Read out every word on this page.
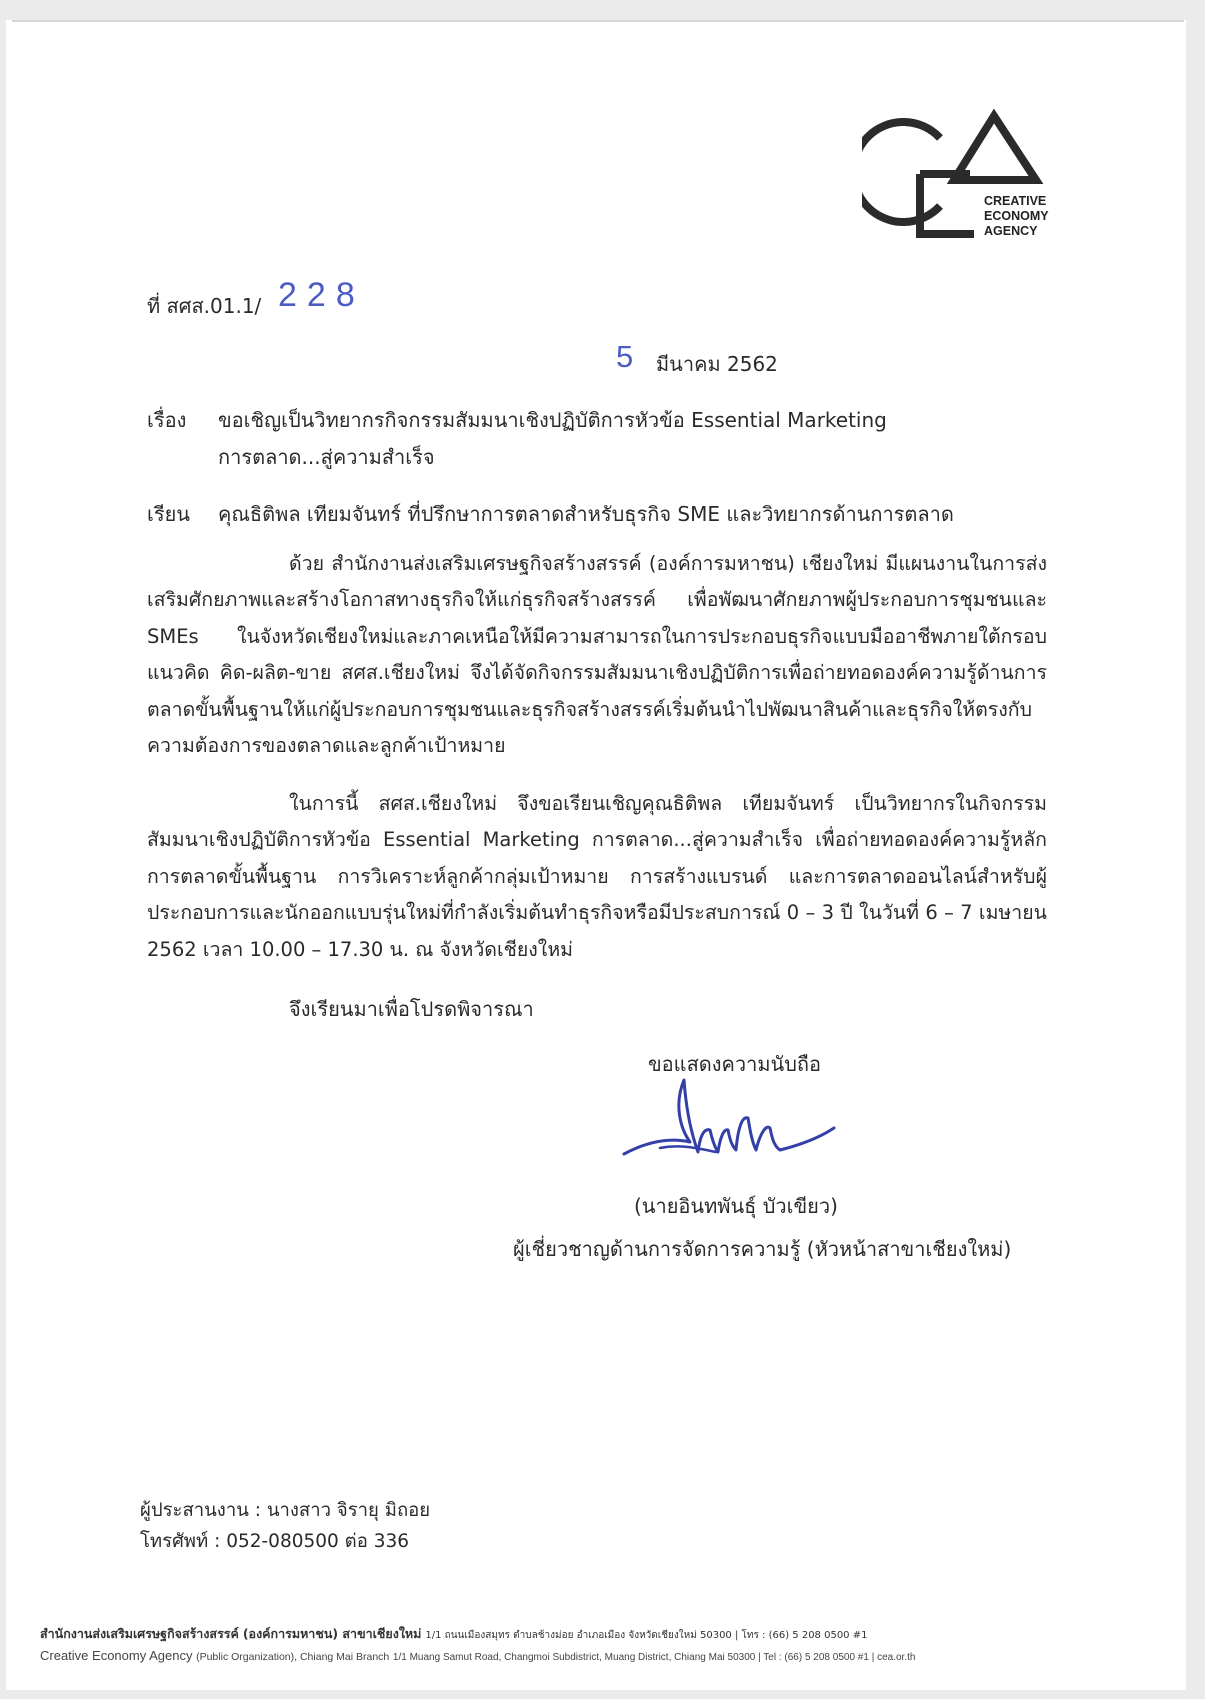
CREATIVE
ECONOMY
AGENCY
ที่ สศส.01.1/ 228
5 มีนาคม 2562
เรื่อง ขอเชิญเป็นวิทยากรกิจกรรมสัมมนาเชิงปฏิบัติการหัวข้อ Essential Marketing
การตลาด...สู่ความสำเร็จ
เรียน คุณธิติพล เทียมจันทร์ ที่ปรึกษาการตลาดสำหรับธุรกิจ SME และวิทยากรด้านการตลาด
ด้วย สำนักงานส่งเสริมเศรษฐกิจสร้างสรรค์ (องค์การมหาชน) เชียงใหม่ มีแผนงานในการส่งเสริมศักยภาพและสร้างโอกาสทางธุรกิจให้แก่ธุรกิจสร้างสรรค์ เพื่อพัฒนาศักยภาพผู้ประกอบการชุมชนและ SMEs ในจังหวัดเชียงใหม่และภาคเหนือให้มีความสามารถในการประกอบธุรกิจแบบมืออาชีพภายใต้กรอบแนวคิด คิด-ผลิต-ขาย สศส.เชียงใหม่ จึงได้จัดกิจกรรมสัมมนาเชิงปฏิบัติการเพื่อถ่ายทอดองค์ความรู้ด้านการตลาดขั้นพื้นฐานให้แก่ผู้ประกอบการชุมชนและธุรกิจสร้างสรรค์เริ่มต้นนำไปพัฒนาสินค้าและธุรกิจให้ตรงกับความต้องการของตลาดและลูกค้าเป้าหมาย
ในการนี้ สศส.เชียงใหม่ จึงขอเรียนเชิญคุณธิติพล เทียมจันทร์ เป็นวิทยากรในกิจกรรมสัมมนาเชิงปฏิบัติการหัวข้อ Essential Marketing การตลาด...สู่ความสำเร็จ เพื่อถ่ายทอดองค์ความรู้หลักการตลาดขั้นพื้นฐาน การวิเคราะห์ลูกค้ากลุ่มเป้าหมาย การสร้างแบรนด์ และการตลาดออนไลน์สำหรับผู้ประกอบการและนักออกแบบรุ่นใหม่ที่กำลังเริ่มต้นทำธุรกิจหรือมีประสบการณ์ 0 – 3 ปี ในวันที่ 6 – 7 เมษายน 2562 เวลา 10.00 – 17.30 น. ณ จังหวัดเชียงใหม่
จึงเรียนมาเพื่อโปรดพิจารณา
ขอแสดงความนับถือ
(นายอินทพันธุ์ บัวเขียว)
ผู้เชี่ยวชาญด้านการจัดการความรู้ (หัวหน้าสาขาเชียงใหม่)
ผู้ประสานงาน : นางสาว จิรายุ มิถอย
โทรศัพท์ : 052-080500 ต่อ 336
สำนักงานส่งเสริมเศรษฐกิจสร้างสรรค์ (องค์การมหาชน) สาขาเชียงใหม่ 1/1 ถนนเมืองสมุทร ตำบลช้างม่อย อำเภอเมือง จังหวัดเชียงใหม่ 50300 | โทร : (66) 5 208 0500 #1
Creative Economy Agency (Public Organization), Chiang Mai Branch 1/1 Muang Samut Road, Changmoi Subdistrict, Muang District, Chiang Mai 50300 | Tel : (66) 5 208 0500 #1 | cea.or.th
